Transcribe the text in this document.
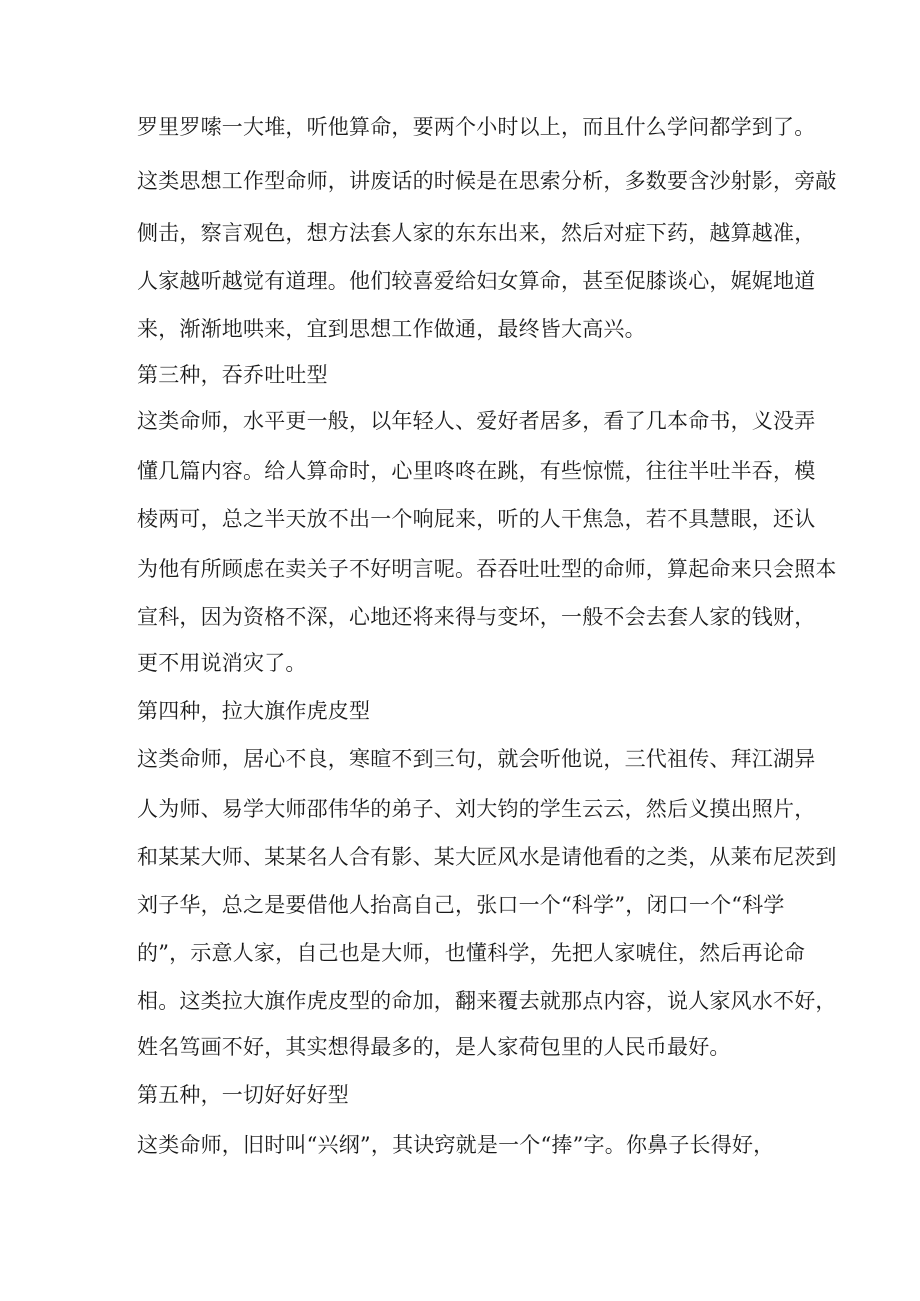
罗里罗嗦一大堆，听他算命，要两个小时以上，而且什么学问都学到了。

这类思想工作型命师，讲废话的时候是在思索分析，多数要含沙射影，旁敲

侧击，察言观色，想方法套人家的东东出来，然后对症下药，越算越准，

人家越听越觉有道理。他们较喜爱给妇女算命，甚至促膝谈心，娓娓地道

来，渐渐地哄来，宜到思想工作做通，最终皆大高兴。

第三种，吞乔吐吐型

这类命师，水平更一般，以年轻人、爱好者居多，看了几本命书，义没弄

懂几篇内容。给人算命时，心里咚咚在跳，有些惊慌，往往半吐半吞，模

棱两可，总之半天放不出一个响屁来，听的人干焦急，若不具慧眼，还认

为他有所顾虑在卖关子不好明言呢。吞吞吐吐型的命师，算起命来只会照本

宣科，因为资格不深，心地还将来得与变坏，一般不会去套人家的钱财，

更不用说消灾了。

第四种，拉大旗作虎皮型

这类命师，居心不良，寒暄不到三句，就会听他说，三代祖传、拜江湖异

人为师、易学大师邵伟华的弟子、刘大钧的学生云云，然后义摸出照片，

和某某大师、某某名人合有影、某大匠风水是请他看的之类，从莱布尼茨到

刘子华，总之是要借他人抬高自己，张口一个“科学”，闭口一个“科学

的”，示意人家，自己也是大师，也懂科学，先把人家唬住，然后再论命

相。这类拉大旗作虎皮型的命加，翻来覆去就那点内容，说人家风水不好，

姓名笃画不好，其实想得最多的，是人家荷包里的人民币最好。

第五种，一切好好好型

这类命师，旧时叫“兴纲”，其诀窍就是一个“捧”字。你鼻子长得好，
